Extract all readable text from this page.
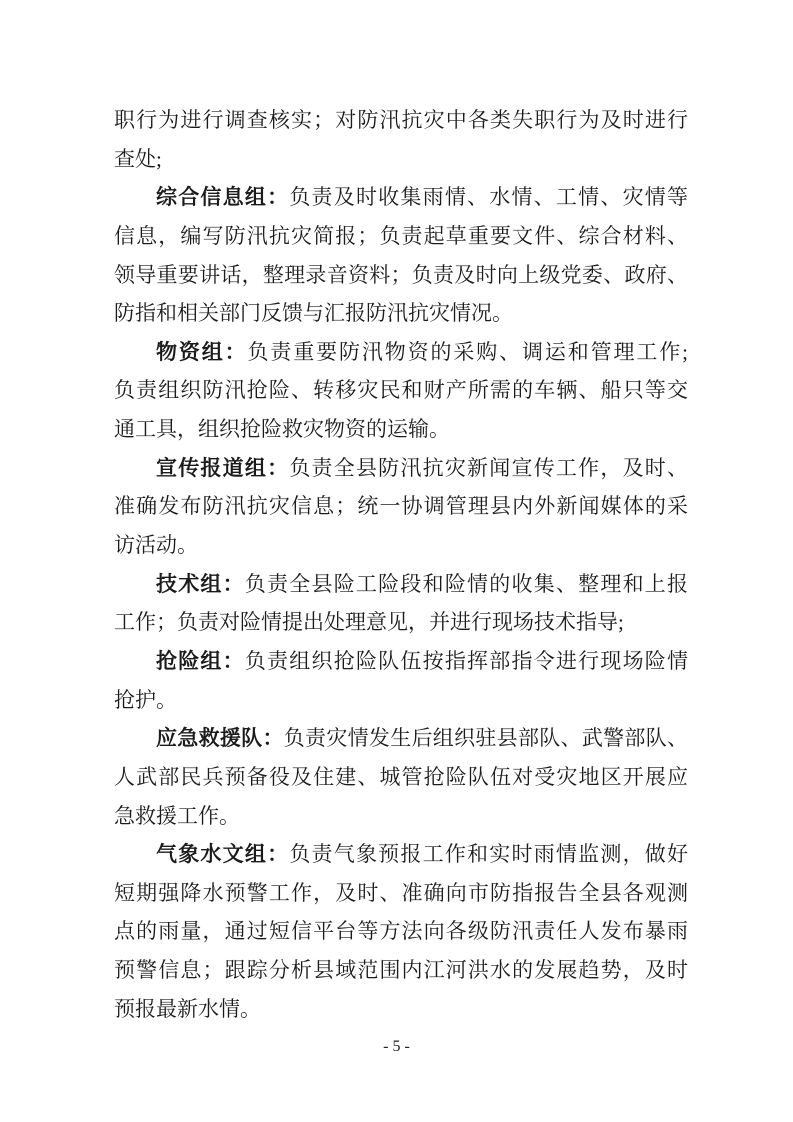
职行为进行调查核实；对防汛抗灾中各类失职行为及时进行
查处;
综合信息组：负责及时收集雨情、水情、工情、灾情等
信息，编写防汛抗灾简报；负责起草重要文件、综合材料、
领导重要讲话，整理录音资料；负责及时向上级党委、政府、
防指和相关部门反馈与汇报防汛抗灾情况。
物资组：负责重要防汛物资的采购、调运和管理工作;
负责组织防汛抢险、转移灾民和财产所需的车辆、船只等交
通工具，组织抢险救灾物资的运输。
宣传报道组：负责全县防汛抗灾新闻宣传工作，及时、
准确发布防汛抗灾信息；统一协调管理县内外新闻媒体的采
访活动。
技术组：负责全县险工险段和险情的收集、整理和上报
工作；负责对险情提出处理意见，并进行现场技术指导;
抢险组：负责组织抢险队伍按指挥部指令进行现场险情
抢护。
应急救援队：负责灾情发生后组织驻县部队、武警部队、
人武部民兵预备役及住建、城管抢险队伍对受灾地区开展应
急救援工作。
气象水文组：负责气象预报工作和实时雨情监测，做好
短期强降水预警工作，及时、准确向市防指报告全县各观测
点的雨量，通过短信平台等方法向各级防汛责任人发布暴雨
预警信息；跟踪分析县域范围内江河洪水的发展趋势，及时
预报最新水情。
- 5 -
